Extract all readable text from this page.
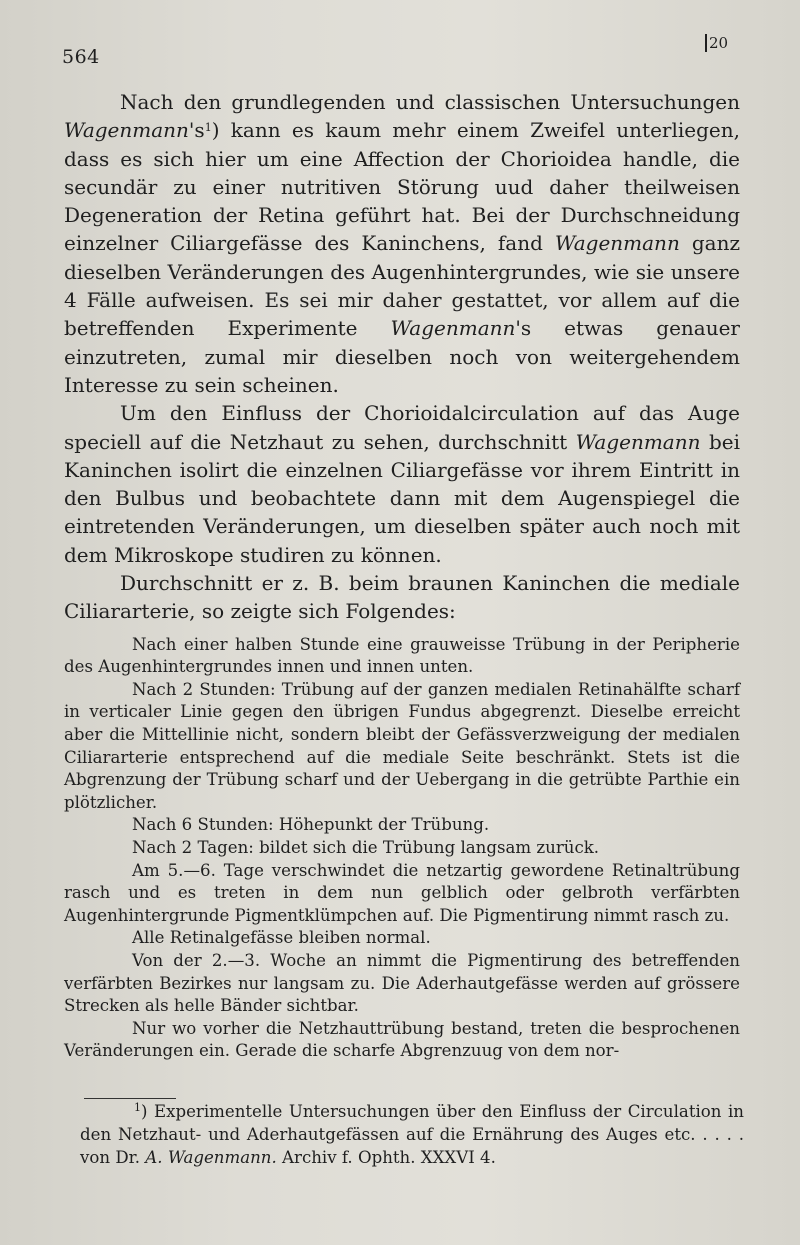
564
20

Nach den grundlegenden und classischen Untersuchungen $Wagenmann's^1$) kann es kaum mehr einem Zweifel unterliegen, dass es sich hier um eine Affection der Chorioidea handle, die secundär zu einer nutritiven Störung uud daher theilweisen Degeneration der Retina geführt hat. Bei der Durchschneidung einzelner Ciliargefässe des Kaninchens, fand Wagenmann ganz dieselben Veränderungen des Augenhintergrundes, wie sie unsere 4 Fälle aufweisen. Es sei mir daher gestattet, vor allem auf die betreffenden Experimente Wagenmann's etwas genauer einzutreten, zumal mir dieselben noch von weitergehendem Interesse zu sein scheinen.

Um den Einfluss der Chorioidalcirculation auf das Auge speciell auf die Netzhaut zu sehen, durchschnitt Wagenmann bei Kaninchen isolirt die einzelnen Ciliargefässe vor ihrem Eintritt in den Bulbus und beobachtete dann mit dem Augenspiegel die eintretenden Veränderungen, um dieselben später auch noch mit dem Mikroskope studiren zu können.

Durchschnitt er z. B. beim braunen Kaninchen die mediale Ciliararterie, so zeigte sich Folgendes:

Nach einer halben Stunde eine grauweisse Trübung in der Peripherie des Augenhintergrundes innen und innen unten.

Nach 2 Stunden: Trübung auf der ganzen medialen Retinahälfte scharf in verticaler Linie gegen den übrigen Fundus abgegrenzt. Dieselbe erreicht aber die Mittellinie nicht, sondern bleibt der Gefässverzweigung der medialen Ciliararterie entsprechend auf die mediale Seite beschränkt. Stets ist die Abgrenzung der Trübung scharf und der Uebergang in die getrübte Parthie ein plötzlicher.

Nach 6 Stunden: Höhepunkt der Trübung.

Nach 2 Tagen: bildet sich die Trübung langsam zurück.

Am 5.—6. Tage verschwindet die netzartig gewordene Retinaltrübung rasch und es treten in dem nun gelblich oder gelbroth verfärbten Augenhintergrunde Pigmentklümpchen auf. Die Pigmentirung nimmt rasch zu.

Alle Retinalgefässe bleiben normal.

Von der 2.—3. Woche an nimmt die Pigmentirung des betreffenden verfärbten Bezirkes nur langsam zu. Die Aderhautgefässe werden auf grössere Strecken als helle Bänder sichtbar.

Nur wo vorher die Netzhauttrübung bestand, treten die besprochenen Veränderungen ein. Gerade die scharfe Abgrenzuug von dem nor-

$^1$) Experimentelle Untersuchungen über den Einfluss der Circulation in den Netzhaut- und Aderhautgefässen auf die Ernährung des Auges etc. . . . . von Dr. A. Wagenmann. Archiv f. Ophth. XXXVI 4.
